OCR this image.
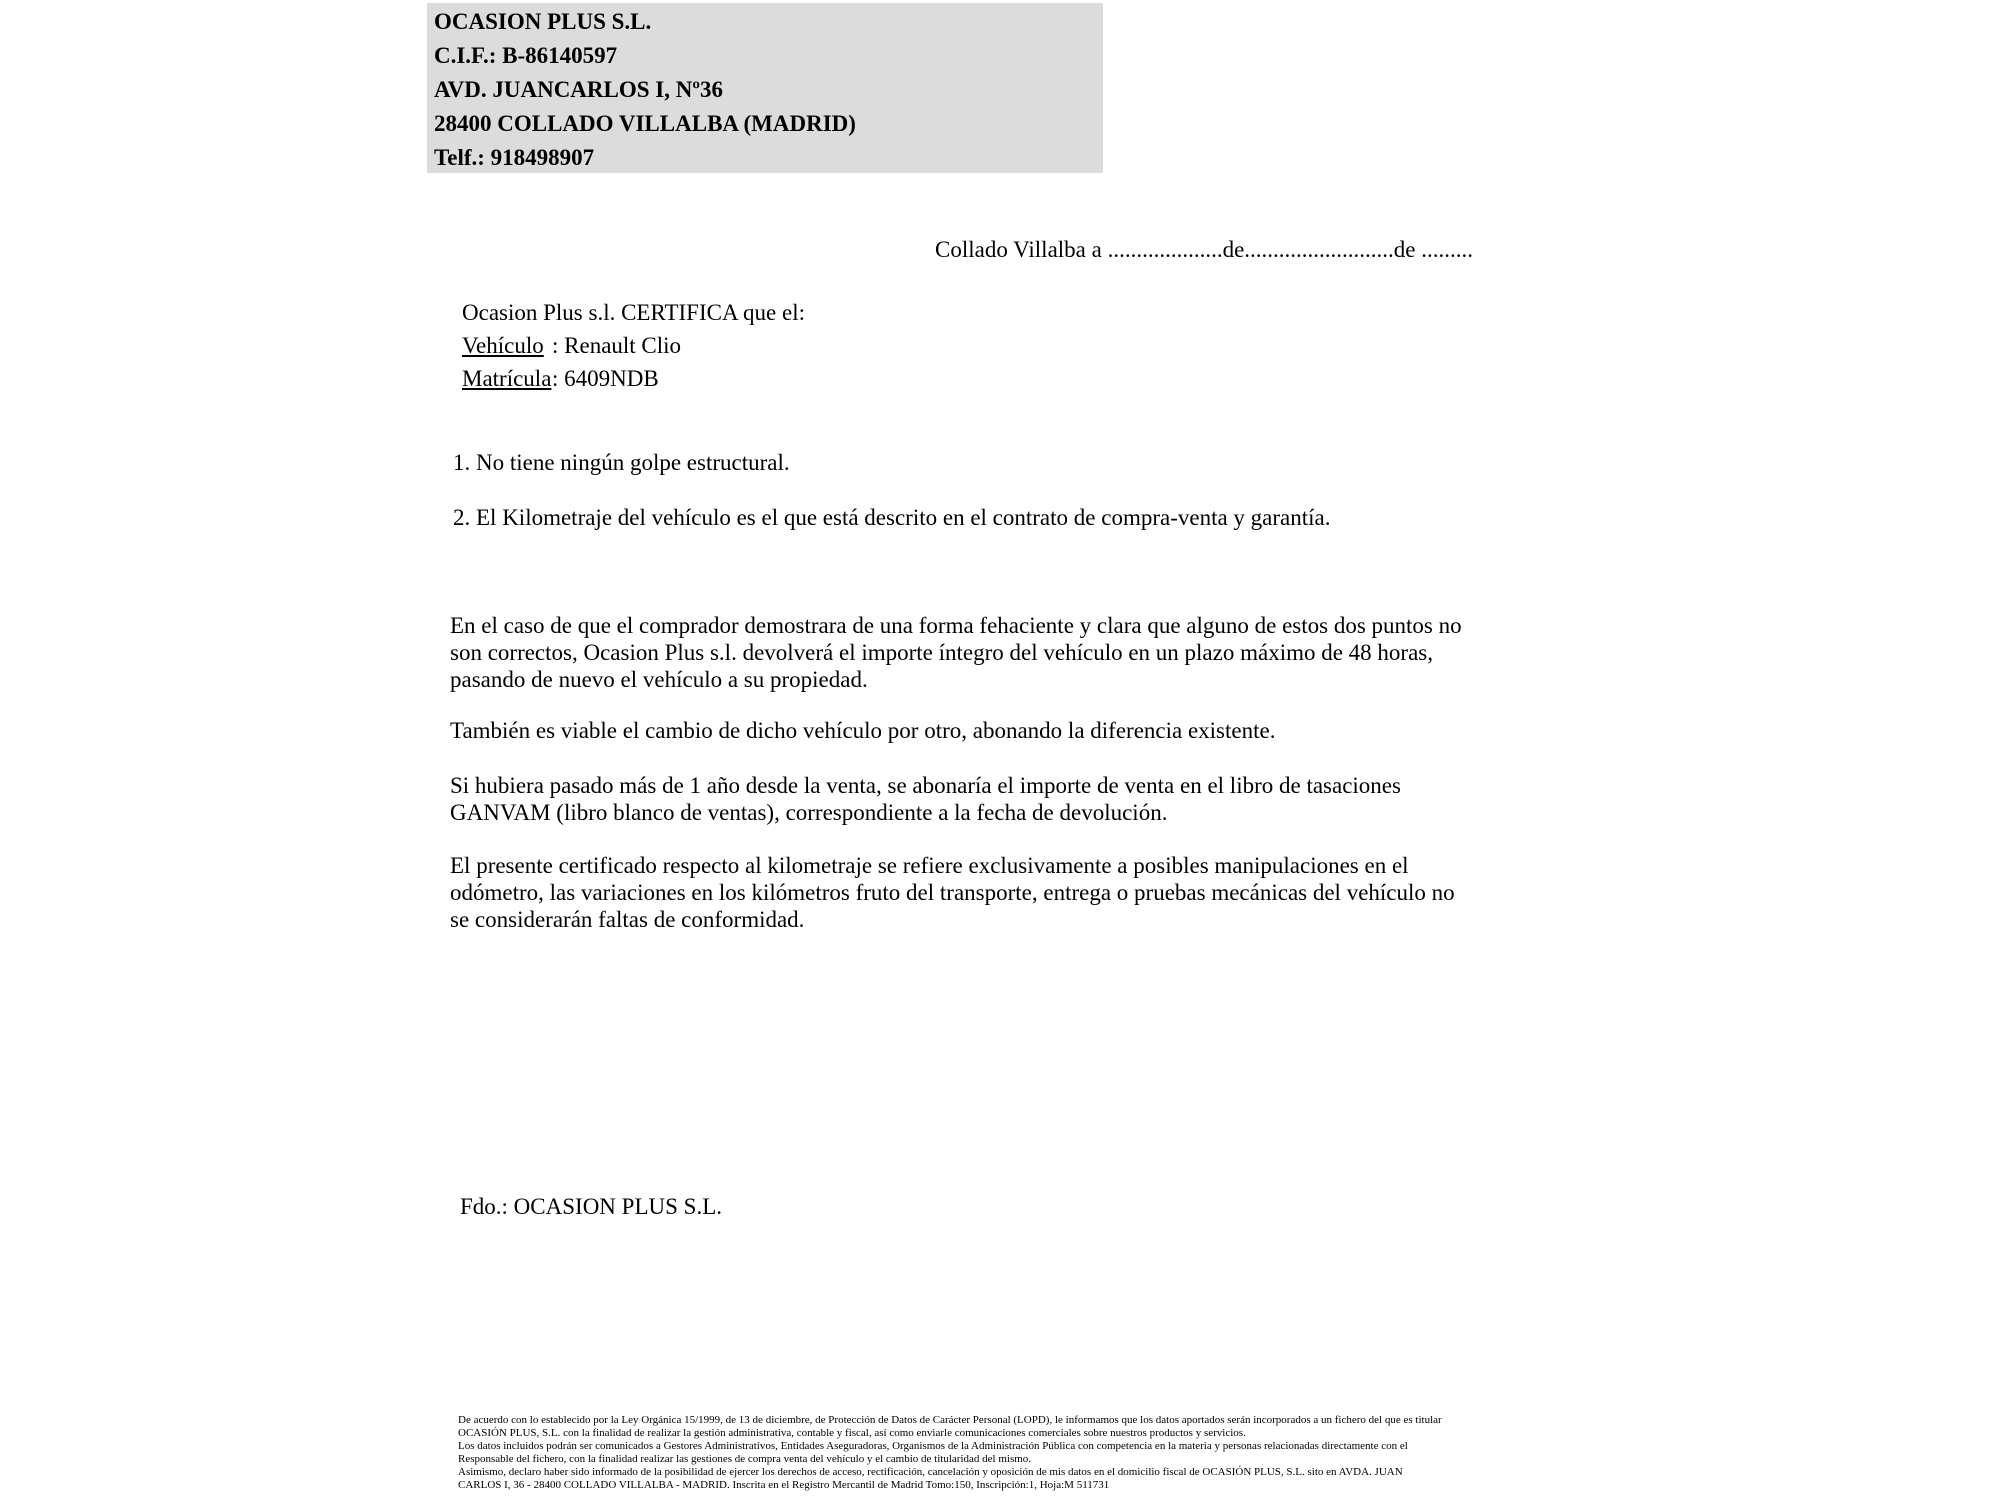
OCASION PLUS S.L.
C.I.F.: B-86140597
AVD. JUANCARLOS I, Nº36
28400 COLLADO VILLALBA (MADRID)
Telf.: 918498907
Collado Villalba a ....................de..........................de .........
Ocasion Plus s.l. CERTIFICA que el:
Vehículo : Renault Clio
Matrícula : 6409NDB
1. No tiene ningún golpe estructural.
2. El Kilometraje del vehículo es el que está descrito en el contrato de compra-venta y garantía.
En el caso de que el comprador demostrara de una forma fehaciente y clara que alguno de estos dos puntos no
son correctos, Ocasion Plus s.l. devolverá el importe íntegro del vehículo en un plazo máximo de 48 horas,
pasando de nuevo el vehículo a su propiedad.
También es viable el cambio de dicho vehículo por otro, abonando la diferencia existente.
Si hubiera pasado más de 1 año desde la venta, se abonaría el importe de venta en el libro de tasaciones
GANVAM (libro blanco de ventas), correspondiente a la fecha de devolución.
El presente certificado respecto al kilometraje se refiere exclusivamente a posibles manipulaciones en el
odómetro, las variaciones en los kilómetros fruto del transporte, entrega o pruebas mecánicas del vehículo no
se considerarán faltas de conformidad.
Fdo.: OCASION PLUS S.L.
De acuerdo con lo establecido por la Ley Orgánica 15/1999, de 13 de diciembre, de Protección de Datos de Carácter Personal (LOPD), le informamos que los datos aportados serán incorporados a un fichero del que es titular
OCASIÓN PLUS, S.L. con la finalidad de realizar la gestión administrativa, contable y fiscal, así como enviarle comunicaciones comerciales sobre nuestros productos y servicios.
Los datos incluidos podrán ser comunicados a Gestores Administrativos, Entidades Aseguradoras, Organismos de la Administración Pública con competencia en la materia y personas relacionadas directamente con el
Responsable del fichero, con la finalidad realizar las gestiones de compra venta del vehículo y el cambio de titularidad del mismo.
Asimismo, declaro haber sido informado de la posibilidad de ejercer los derechos de acceso, rectificación, cancelación y oposición de mis datos en el domicilio fiscal de OCASIÓN PLUS, S.L. sito en AVDA. JUAN
CARLOS I, 36 - 28400 COLLADO VILLALBA - MADRID. Inscrita en el Registro Mercantil de Madrid Tomo:150, Inscripción:1, Hoja:M 511731
